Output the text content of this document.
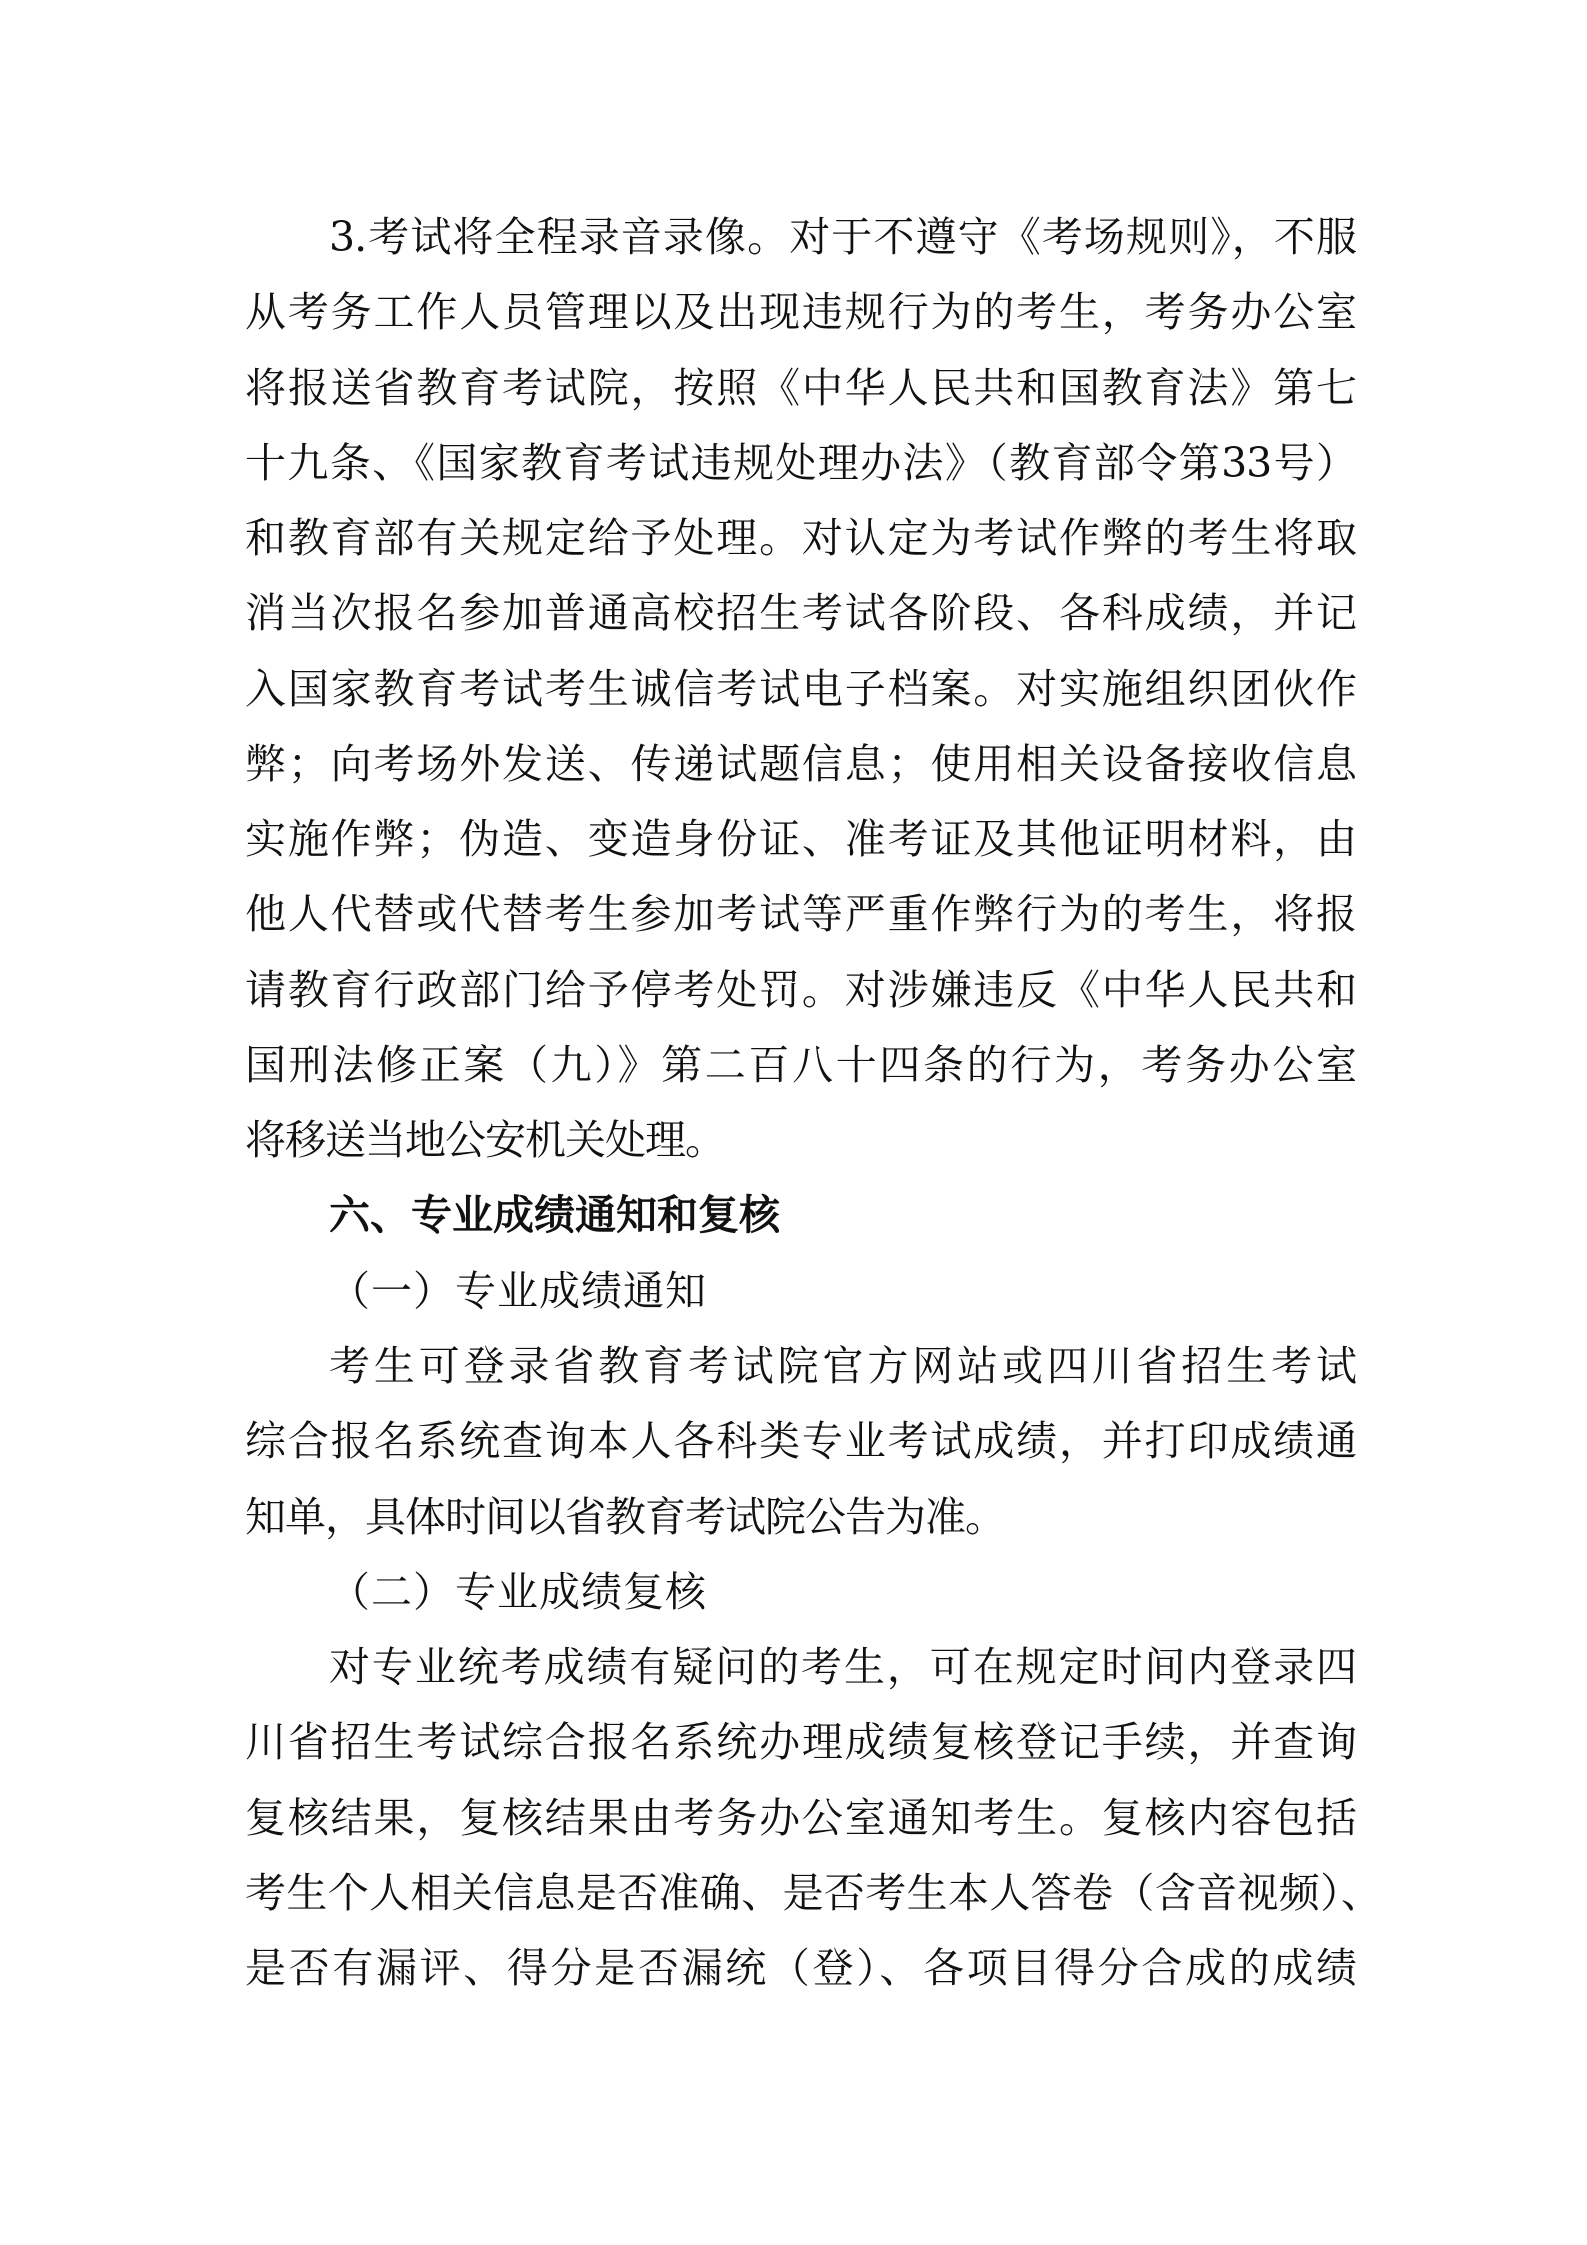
3.考试将全程录音录像。对于不遵守《考场规则》，不服
从考务工作人员管理以及出现违规行为的考生，考务办公室
将报送省教育考试院，按照《中华人民共和国教育法》第七
十九条、《国家教育考试违规处理办法》（教育部令第33号）
和教育部有关规定给予处理。对认定为考试作弊的考生将取
消当次报名参加普通高校招生考试各阶段、各科成绩，并记
入国家教育考试考生诚信考试电子档案。对实施组织团伙作
弊；向考场外发送、传递试题信息；使用相关设备接收信息
实施作弊；伪造、变造身份证、准考证及其他证明材料，由
他人代替或代替考生参加考试等严重作弊行为的考生，将报
请教育行政部门给予停考处罚。对涉嫌违反《中华人民共和
国刑法修正案（九）》第二百八十四条的行为，考务办公室
将移送当地公安机关处理。
六、专业成绩通知和复核
（一）专业成绩通知
考生可登录省教育考试院官方网站或四川省招生考试
综合报名系统查询本人各科类专业考试成绩，并打印成绩通
知单，具体时间以省教育考试院公告为准。
（二）专业成绩复核
对专业统考成绩有疑问的考生，可在规定时间内登录四
川省招生考试综合报名系统办理成绩复核登记手续，并查询
复核结果，复核结果由考务办公室通知考生。复核内容包括
考生个人相关信息是否准确、是否考生本人答卷（含音视频）、
是否有漏评、得分是否漏统（登）、各项目得分合成的成绩
